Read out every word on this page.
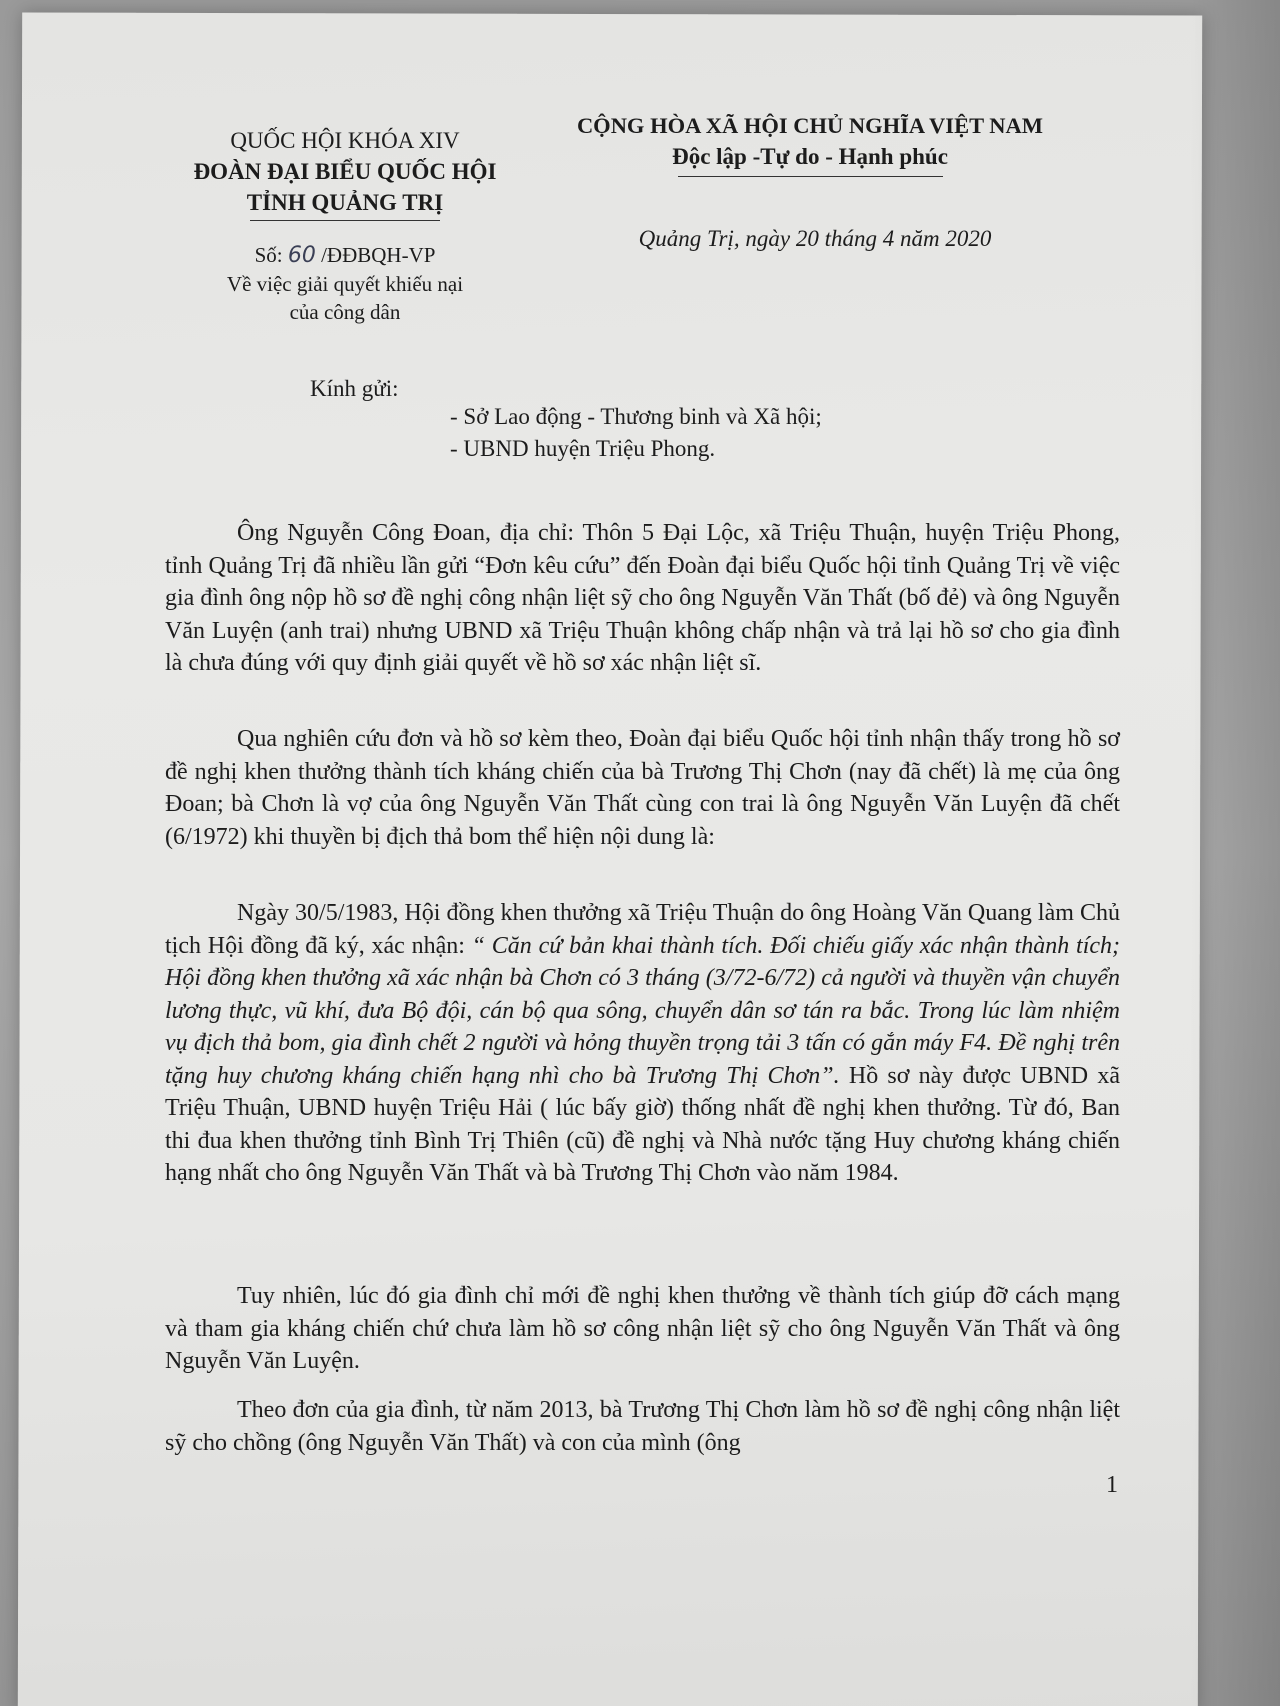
QUỐC HỘI KHÓA XIV
ĐOÀN ĐẠI BIỂU QUỐC HỘI
TỈNH QUẢNG TRỊ
Số: 60 /ĐĐBQH-VP
Về việc giải quyết khiếu nại
của công dân
CỘNG HÒA XÃ HỘI CHỦ NGHĨA VIỆT NAM
Độc lập -Tự do - Hạnh phúc
Quảng Trị, ngày 20 tháng 4 năm 2020
Kính gửi:
- Sở Lao động - Thương binh và Xã hội;
- UBND huyện Triệu Phong.
Ông Nguyễn Công Đoan, địa chỉ: Thôn 5 Đại Lộc, xã Triệu Thuận, huyện Triệu Phong, tỉnh Quảng Trị đã nhiều lần gửi “Đơn kêu cứu” đến Đoàn đại biểu Quốc hội tỉnh Quảng Trị về việc gia đình ông nộp hồ sơ đề nghị công nhận liệt sỹ cho ông Nguyễn Văn Thất (bố đẻ) và ông Nguyễn Văn Luyện (anh trai) nhưng UBND xã Triệu Thuận không chấp nhận và trả lại hồ sơ cho gia đình là chưa đúng với quy định giải quyết về hồ sơ xác nhận liệt sĩ.
Qua nghiên cứu đơn và hồ sơ kèm theo, Đoàn đại biểu Quốc hội tỉnh nhận thấy trong hồ sơ đề nghị khen thưởng thành tích kháng chiến của bà Trương Thị Chơn (nay đã chết) là mẹ của ông Đoan; bà Chơn là vợ của ông Nguyễn Văn Thất cùng con trai là ông Nguyễn Văn Luyện đã chết (6/1972) khi thuyền bị địch thả bom thể hiện nội dung là:
Ngày 30/5/1983, Hội đồng khen thưởng xã Triệu Thuận do ông Hoàng Văn Quang làm Chủ tịch Hội đồng đã ký, xác nhận: “ Căn cứ bản khai thành tích. Đối chiếu giấy xác nhận thành tích; Hội đồng khen thưởng xã xác nhận bà Chơn có 3 tháng (3/72-6/72) cả người và thuyền vận chuyển lương thực, vũ khí, đưa Bộ đội, cán bộ qua sông, chuyển dân sơ tán ra bắc. Trong lúc làm nhiệm vụ địch thả bom, gia đình chết 2 người và hỏng thuyền trọng tải 3 tấn có gắn máy F4. Đề nghị trên tặng huy chương kháng chiến hạng nhì cho bà Trương Thị Chơn”. Hồ sơ này được UBND xã Triệu Thuận, UBND huyện Triệu Hải ( lúc bấy giờ) thống nhất đề nghị khen thưởng. Từ đó, Ban thi đua khen thưởng tỉnh Bình Trị Thiên (cũ) đề nghị và Nhà nước tặng Huy chương kháng chiến hạng nhất cho ông Nguyễn Văn Thất và bà Trương Thị Chơn vào năm 1984.
Tuy nhiên, lúc đó gia đình chỉ mới đề nghị khen thưởng về thành tích giúp đỡ cách mạng và tham gia kháng chiến chứ chưa làm hồ sơ công nhận liệt sỹ cho ông Nguyễn Văn Thất và ông Nguyễn Văn Luyện.
Theo đơn của gia đình, từ năm 2013, bà Trương Thị Chơn làm hồ sơ đề nghị công nhận liệt sỹ cho chồng (ông Nguyễn Văn Thất) và con của mình (ông
1
